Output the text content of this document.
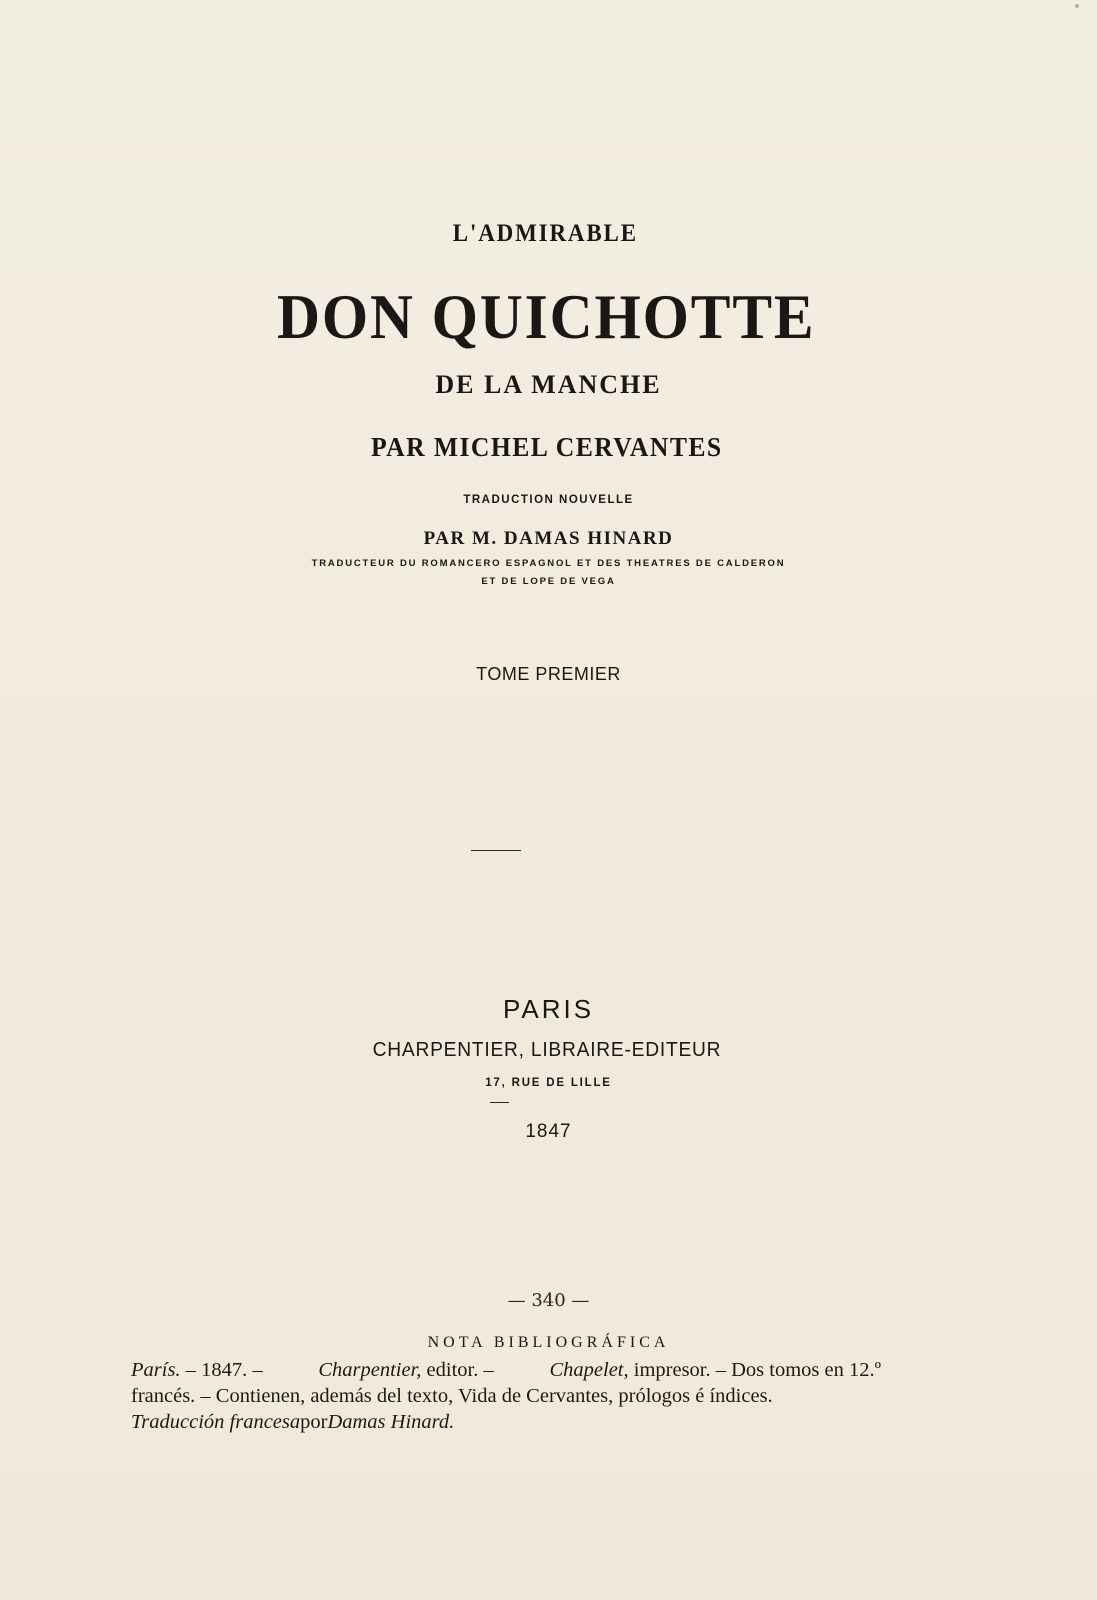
L'ADMIRABLE
DON QUICHOTTE
DE LA MANCHE
PAR MICHEL CERVANTES
TRADUCTION NOUVELLE
PAR M. DAMAS HINARD
TRADUCTEUR DU ROMANCERO ESPAGNOL ET DES THEATRES DE CALDERON
ET DE LOPE DE VEGA
TOME PREMIER
PARIS
CHARPENTIER, LIBRAIRE-EDITEUR
17, RUE DE LILLE
1847
— 340 —
NOTA BIBLIOGRÁFICA
París. – 1847. –	Charpentier, editor. –	Chapelet, impresor. – Dos tomos en 12.º
francés. – Contienen, además del texto, Vida de Cervantes, prólogos é índices.
Traducción francesa por Damas Hinard.
